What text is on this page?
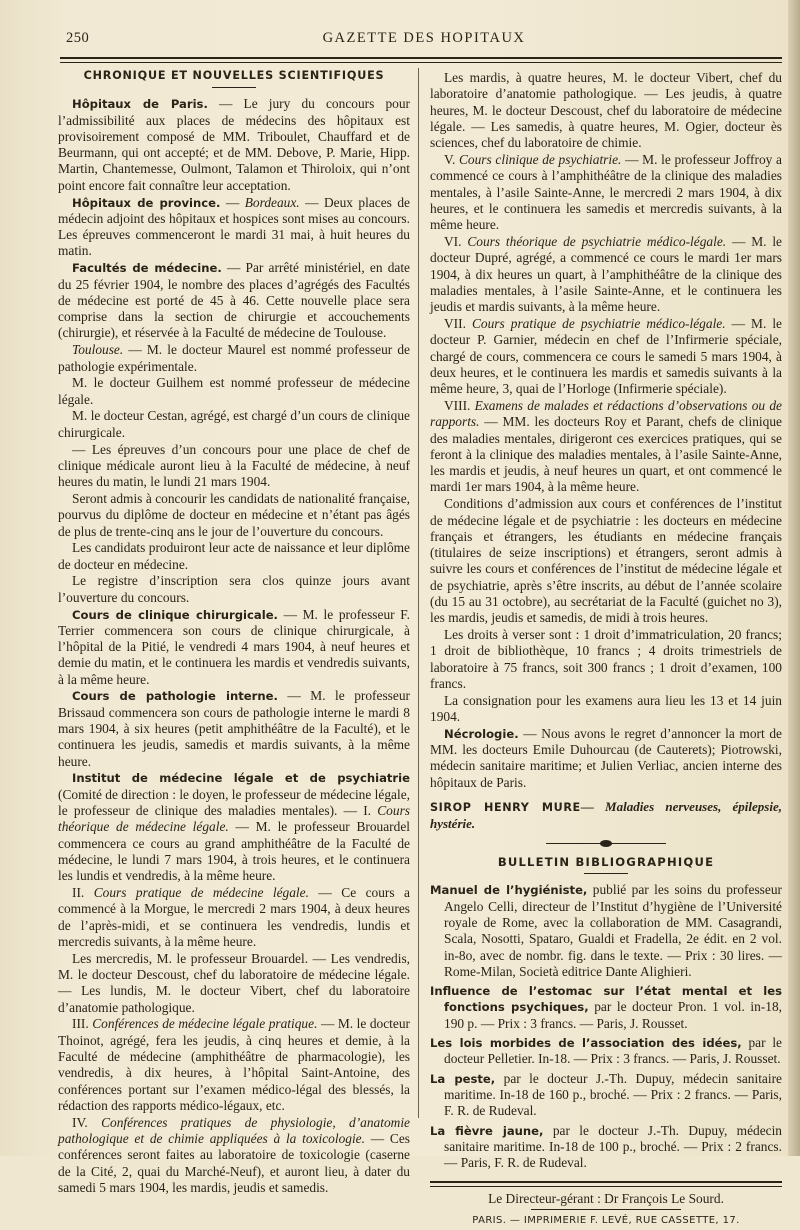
250	GAZETTE DES HOPITAUX
CHRONIQUE ET NOUVELLES SCIENTIFIQUES

Hôpitaux de Paris. — Le jury du concours pour l’admissibilité aux places de médecins des hôpitaux est provisoirement composé de MM. Triboulet, Chauffard et de Beurmann, qui ont accepté; et de MM. Debove, P. Marie, Hipp. Martin, Chantemesse, Oulmont, Talamon et Thiroloix, qui n’ont point encore fait connaître leur acceptation.

Hôpitaux de province. — Bordeaux. — Deux places de médecin adjoint des hôpitaux et hospices sont mises au concours. Les épreuves commenceront le mardi 31 mai, à huit heures du matin.

Facultés de médecine. — Par arrêté ministériel, en date du 25 février 1904, le nombre des places d’agrégés des Facultés de médecine est porté de 45 à 46. Cette nouvelle place sera comprise dans la section de chirurgie et accouchements (chirurgie), et réservée à la Faculté de médecine de Toulouse.

Toulouse. — M. le docteur Maurel est nommé professeur de pathologie expérimentale.

M. le docteur Guilhem est nommé professeur de médecine légale.

M. le docteur Cestan, agrégé, est chargé d’un cours de clinique chirurgicale.

— Les épreuves d’un concours pour une place de chef de clinique médicale auront lieu à la Faculté de médecine, à neuf heures du matin, le lundi 21 mars 1904.

Seront admis à concourir les candidats de nationalité française, pourvus du diplôme de docteur en médecine et n’étant pas âgés de plus de trente-cinq ans le jour de l’ouverture du concours.

Les candidats produiront leur acte de naissance et leur diplôme de docteur en médecine.

Le registre d’inscription sera clos quinze jours avant l’ouverture du concours.

Cours de clinique chirurgicale. — M. le professeur F. Terrier commencera son cours de clinique chirurgicale, à l’hôpital de la Pitié, le vendredi 4 mars 1904, à neuf heures et demie du matin, et le continuera les mardis et vendredis suivants, à la même heure.

Cours de pathologie interne. — M. le professeur Brissaud commencera son cours de pathologie interne le mardi 8 mars 1904, à six heures (petit amphithéâtre de la Faculté), et le continuera les jeudis, samedis et mardis suivants, à la même heure.

Institut de médecine légale et de psychiatrie (Comité de direction : le doyen, le professeur de médecine légale, le professeur de clinique des maladies mentales). — I. Cours théorique de médecine légale. — M. le professeur Brouardel commencera ce cours au grand amphithéâtre de la Faculté de médecine, le lundi 7 mars 1904, à trois heures, et le continuera les lundis et vendredis, à la même heure.

II. Cours pratique de médecine légale. — Ce cours a commencé à la Morgue, le mercredi 2 mars 1904, à deux heures de l’après-midi, et se continuera les vendredis, lundis et mercredis suivants, à la même heure.

Les mercredis, M. le professeur Brouardel. — Les vendredis, M. le docteur Descoust, chef du laboratoire de médecine légale. — Les lundis, M. le docteur Vibert, chef du laboratoire d’anatomie pathologique.

III. Conférences de médecine légale pratique. — M. le docteur Thoinot, agrégé, fera les jeudis, à cinq heures et demie, à la Faculté de médecine (amphithéâtre de pharmacologie), les vendredis, à dix heures, à l’hôpital Saint-Antoine, des conférences portant sur l’examen médico-légal des blessés, la rédaction des rapports médico-légaux, etc.

IV. Conférences pratiques de physiologie, d’anatomie pathologique et de chimie appliquées à la toxicologie. — Ces conférences seront faites au laboratoire de toxicologie (caserne de la Cité, 2, quai du Marché-Neuf), et auront lieu, à dater du samedi 5 mars 1904, les mardis, jeudis et samedis.

Les mardis, à quatre heures, M. le docteur Vibert, chef du laboratoire d’anatomie pathologique. — Les jeudis, à quatre heures, M. le docteur Descoust, chef du laboratoire de médecine légale. — Les samedis, à quatre heures, M. Ogier, docteur ès sciences, chef du laboratoire de chimie.

V. Cours clinique de psychiatrie. — M. le professeur Joffroy a commencé ce cours à l’amphithéâtre de la clinique des maladies mentales, à l’asile Sainte-Anne, le mercredi 2 mars 1904, à dix heures, et le continuera les samedis et mercredis suivants, à la même heure.

VI. Cours théorique de psychiatrie médico-légale. — M. le docteur Dupré, agrégé, a commencé ce cours le mardi 1er mars 1904, à dix heures un quart, à l’amphithéâtre de la clinique des maladies mentales, à l’asile Sainte-Anne, et le continuera les jeudis et mardis suivants, à la même heure.

VII. Cours pratique de psychiatrie médico-légale. — M. le docteur P. Garnier, médecin en chef de l’Infirmerie spéciale, chargé de cours, commencera ce cours le samedi 5 mars 1904, à deux heures, et le continuera les mardis et samedis suivants à la même heure, 3, quai de l’Horloge (Infirmerie spéciale).

VIII. Examens de malades et rédactions d’observations ou de rapports. — MM. les docteurs Roy et Parant, chefs de clinique des maladies mentales, dirigeront ces exercices pratiques, qui se feront à la clinique des maladies mentales, à l’asile Sainte-Anne, les mardis et jeudis, à neuf heures un quart, et ont commencé le mardi 1er mars 1904, à la même heure.

Conditions d’admission aux cours et conférences de l’institut de médecine légale et de psychiatrie : les docteurs en médecine français et étrangers, les étudiants en médecine français (titulaires de seize inscriptions) et étrangers, seront admis à suivre les cours et conférences de l’institut de médecine légale et de psychiatrie, après s’être inscrits, au début de l’année scolaire (du 15 au 31 octobre), au secrétariat de la Faculté (guichet no 3), les mardis, jeudis et samedis, de midi à trois heures.

Les droits à verser sont : 1 droit d’immatriculation, 20 francs; 1 droit de bibliothèque, 10 francs ; 4 droits trimestriels de laboratoire à 75 francs, soit 300 francs ; 1 droit d’examen, 100 francs.

La consignation pour les examens aura lieu les 13 et 14 juin 1904.

Nécrologie. — Nous avons le regret d’annoncer la mort de MM. les docteurs Emile Duhourcau (de Cauterets); Piotrowski, médecin sanitaire maritime; et Julien Verliac, ancien interne des hôpitaux de Paris.

SIROP HENRY MURE— Maladies nerveuses, épilepsie, hystérie.
BULLETIN BIBLIOGRAPHIQUE
Manuel de l’hygiéniste, publié par les soins du professeur Angelo Celli, directeur de l’Institut d’hygiène de l’Université royale de Rome, avec la collaboration de MM. Casagrandi, Scala, Nosotti, Spataro, Gualdi et Fradella, 2e édit. en 2 vol. in-8o, avec de nombr. fig. dans le texte. — Prix : 30 lires. — Rome-Milan, Società editrice Dante Alighieri.
Influence de l’estomac sur l’état mental et les fonctions psychiques, par le docteur Pron. 1 vol. in-18, 190 p. — Prix : 3 francs. — Paris, J. Rousset.
Les lois morbides de l’association des idées, par le docteur Pelletier. In-18. — Prix : 3 francs. — Paris, J. Rousset.
La peste, par le docteur J.-Th. Dupuy, médecin sanitaire maritime. In-18 de 160 p., broché. — Prix : 2 francs. — Paris, F. R. de Rudeval.
La fièvre jaune, par le docteur J.-Th. Dupuy, médecin sanitaire maritime. In-18 de 100 p., broché. — Prix : 2 francs. — Paris, F. R. de Rudeval.
Le Directeur-gérant : Dr François Le Sourd.
PARIS. — IMPRIMERIE F. LEVÉ, RUE CASSETTE, 17.
